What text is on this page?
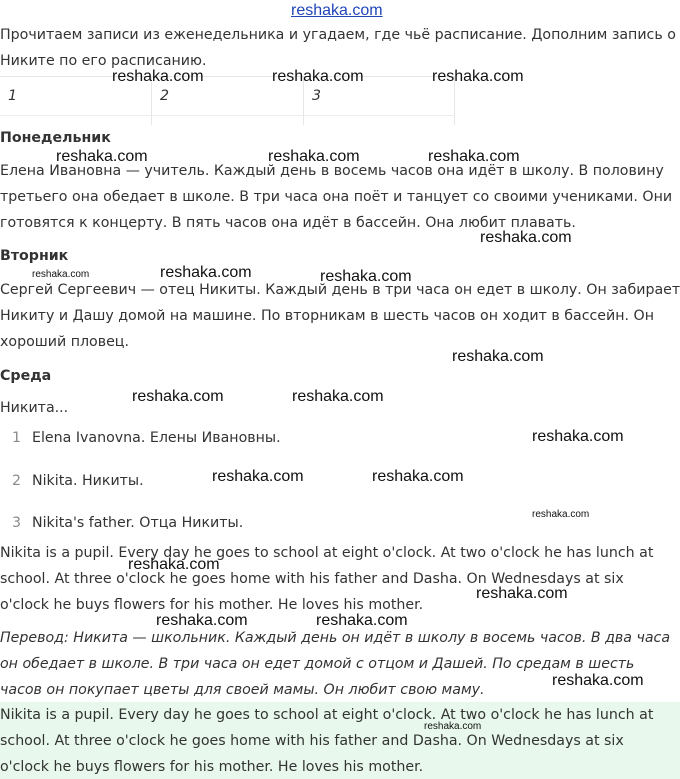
reshaka.com
Прочитаем записи из еженедельника и угадаем, где чьё расписание. Дополним запись о
Никите по его расписанию.
1	2	3
Понедельник
Елена Ивановна — учитель. Каждый день в восемь часов она идёт в школу. В половину
третьего она обедает в школе. В три часа она поёт и танцует со своими учениками. Они
готовятся к концерту. В пять часов она идёт в бассейн. Она любит плавать.
Вторник
Сергей Сергеевич — отец Никиты. Каждый день в три часа он едет в школу. Он забирает
Никиту и Дашу домой на машине. По вторникам в шесть часов он ходит в бассейн. Он
хороший пловец.
Среда
Никита...
1 Elena Ivanovna. Елены Ивановны.
2 Nikita. Никиты.
3 Nikita's father. Отца Никиты.
Nikita is a pupil. Every day he goes to school at eight o'clock. At two o'clock he has lunch at
school. At three o'clock he goes home with his father and Dasha. On Wednesdays at six
o'clock he buys flowers for his mother. He loves his mother.
Перевод: Никита — школьник. Каждый день он идёт в школу в восемь часов. В два часа
он обедает в школе. В три часа он едет домой с отцом и Дашей. По средам в шесть
часов он покупает цветы для своей мамы. Он любит свою маму.
Nikita is a pupil. Every day he goes to school at eight o'clock. At two o'clock he has lunch at
school. At three o'clock he goes home with his father and Dasha. On Wednesdays at six
o'clock he buys flowers for his mother. He loves his mother.
reshaka.com	reshaka.com	reshaka.com
reshaka.com	reshaka.com	reshaka.com
reshaka.com
reshaka.com	reshaka.com	reshaka.com
reshaka.com
reshaka.com	reshaka.com
reshaka.com
reshaka.com	reshaka.com
reshaka.com
reshaka.com
reshaka.com
reshaka.com	reshaka.com
reshaka.com
reshaka.com
